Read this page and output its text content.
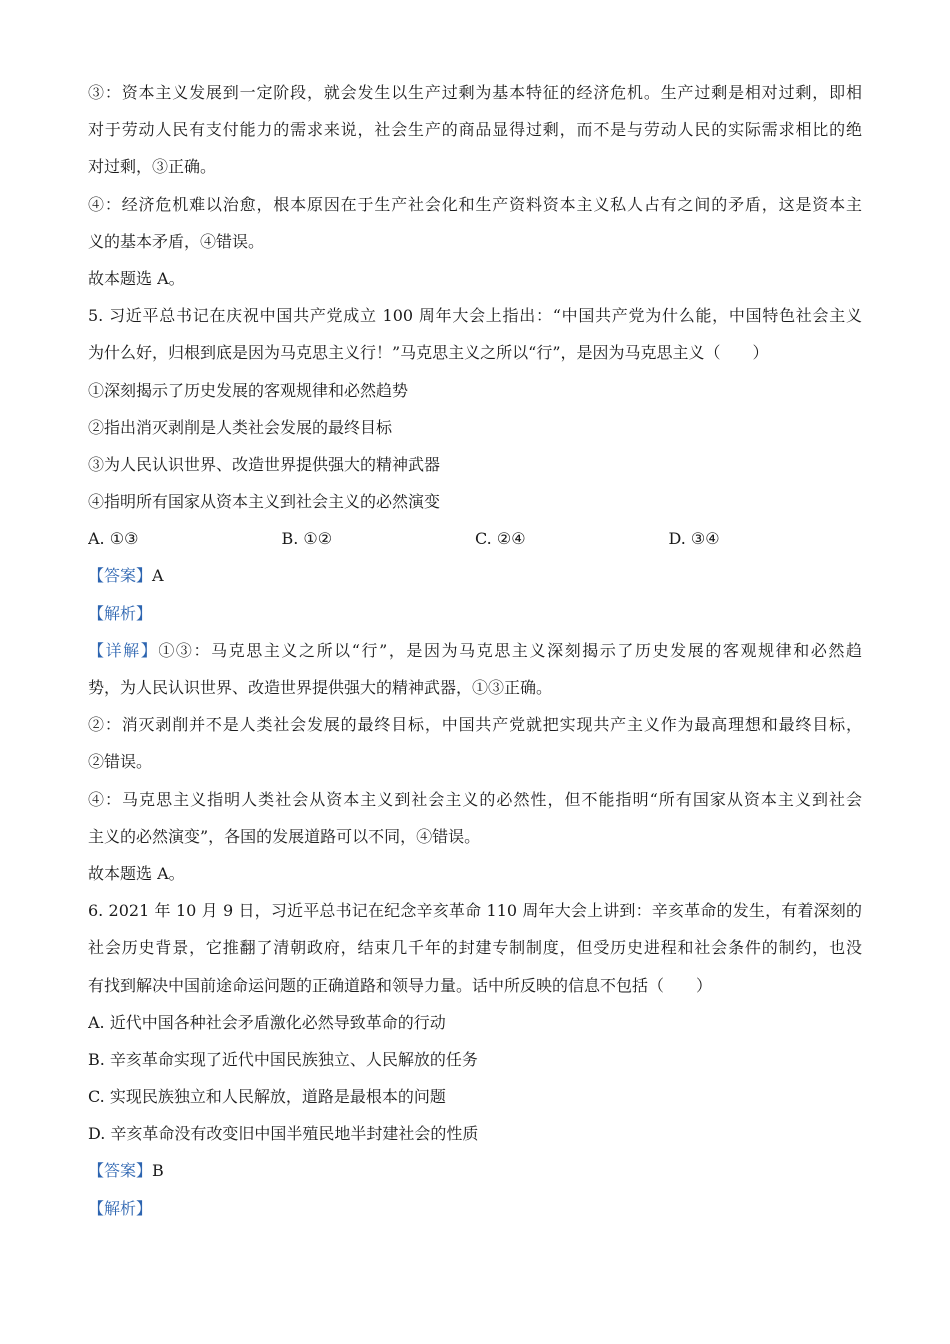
③：资本主义发展到一定阶段，就会发生以生产过剩为基本特征的经济危机。生产过剩是相对过剩，即相
对于劳动人民有支付能力的需求来说，社会生产的商品显得过剩，而不是与劳动人民的实际需求相比的绝
对过剩，③正确。
④：经济危机难以治愈，根本原因在于生产社会化和生产资料资本主义私人占有之间的矛盾，这是资本主
义的基本矛盾，④错误。
故本题选 A。
5. 习近平总书记在庆祝中国共产党成立 100 周年大会上指出：“中国共产党为什么能，中国特色社会主义
为什么好，归根到底是因为马克思主义行！”马克思主义之所以“行”，是因为马克思主义（　　）
①深刻揭示了历史发展的客观规律和必然趋势
②指出消灭剥削是人类社会发展的最终目标
③为人民认识世界、改造世界提供强大的精神武器
④指明所有国家从资本主义到社会主义的必然演变
A. ①③	B. ①②	C. ②④	D. ③④
【答案】A
【解析】
【详解】①③：马克思主义之所以“行”，是因为马克思主义深刻揭示了历史发展的客观规律和必然趋
势，为人民认识世界、改造世界提供强大的精神武器，①③正确。
②：消灭剥削并不是人类社会发展的最终目标，中国共产党就把实现共产主义作为最高理想和最终目标，
②错误。
④：马克思主义指明人类社会从资本主义到社会主义的必然性，但不能指明“所有国家从资本主义到社会
主义的必然演变”，各国的发展道路可以不同，④错误。
故本题选 A。
6. 2021 年 10 月 9 日，习近平总书记在纪念辛亥革命 110 周年大会上讲到：辛亥革命的发生，有着深刻的
社会历史背景，它推翻了清朝政府，结束几千年的封建专制制度，但受历史进程和社会条件的制约，也没
有找到解决中国前途命运问题的正确道路和领导力量。话中所反映的信息不包括（　　）
A. 近代中国各种社会矛盾激化必然导致革命的行动
B. 辛亥革命实现了近代中国民族独立、人民解放的任务
C. 实现民族独立和人民解放，道路是最根本的问题
D. 辛亥革命没有改变旧中国半殖民地半封建社会的性质
【答案】B
【解析】
